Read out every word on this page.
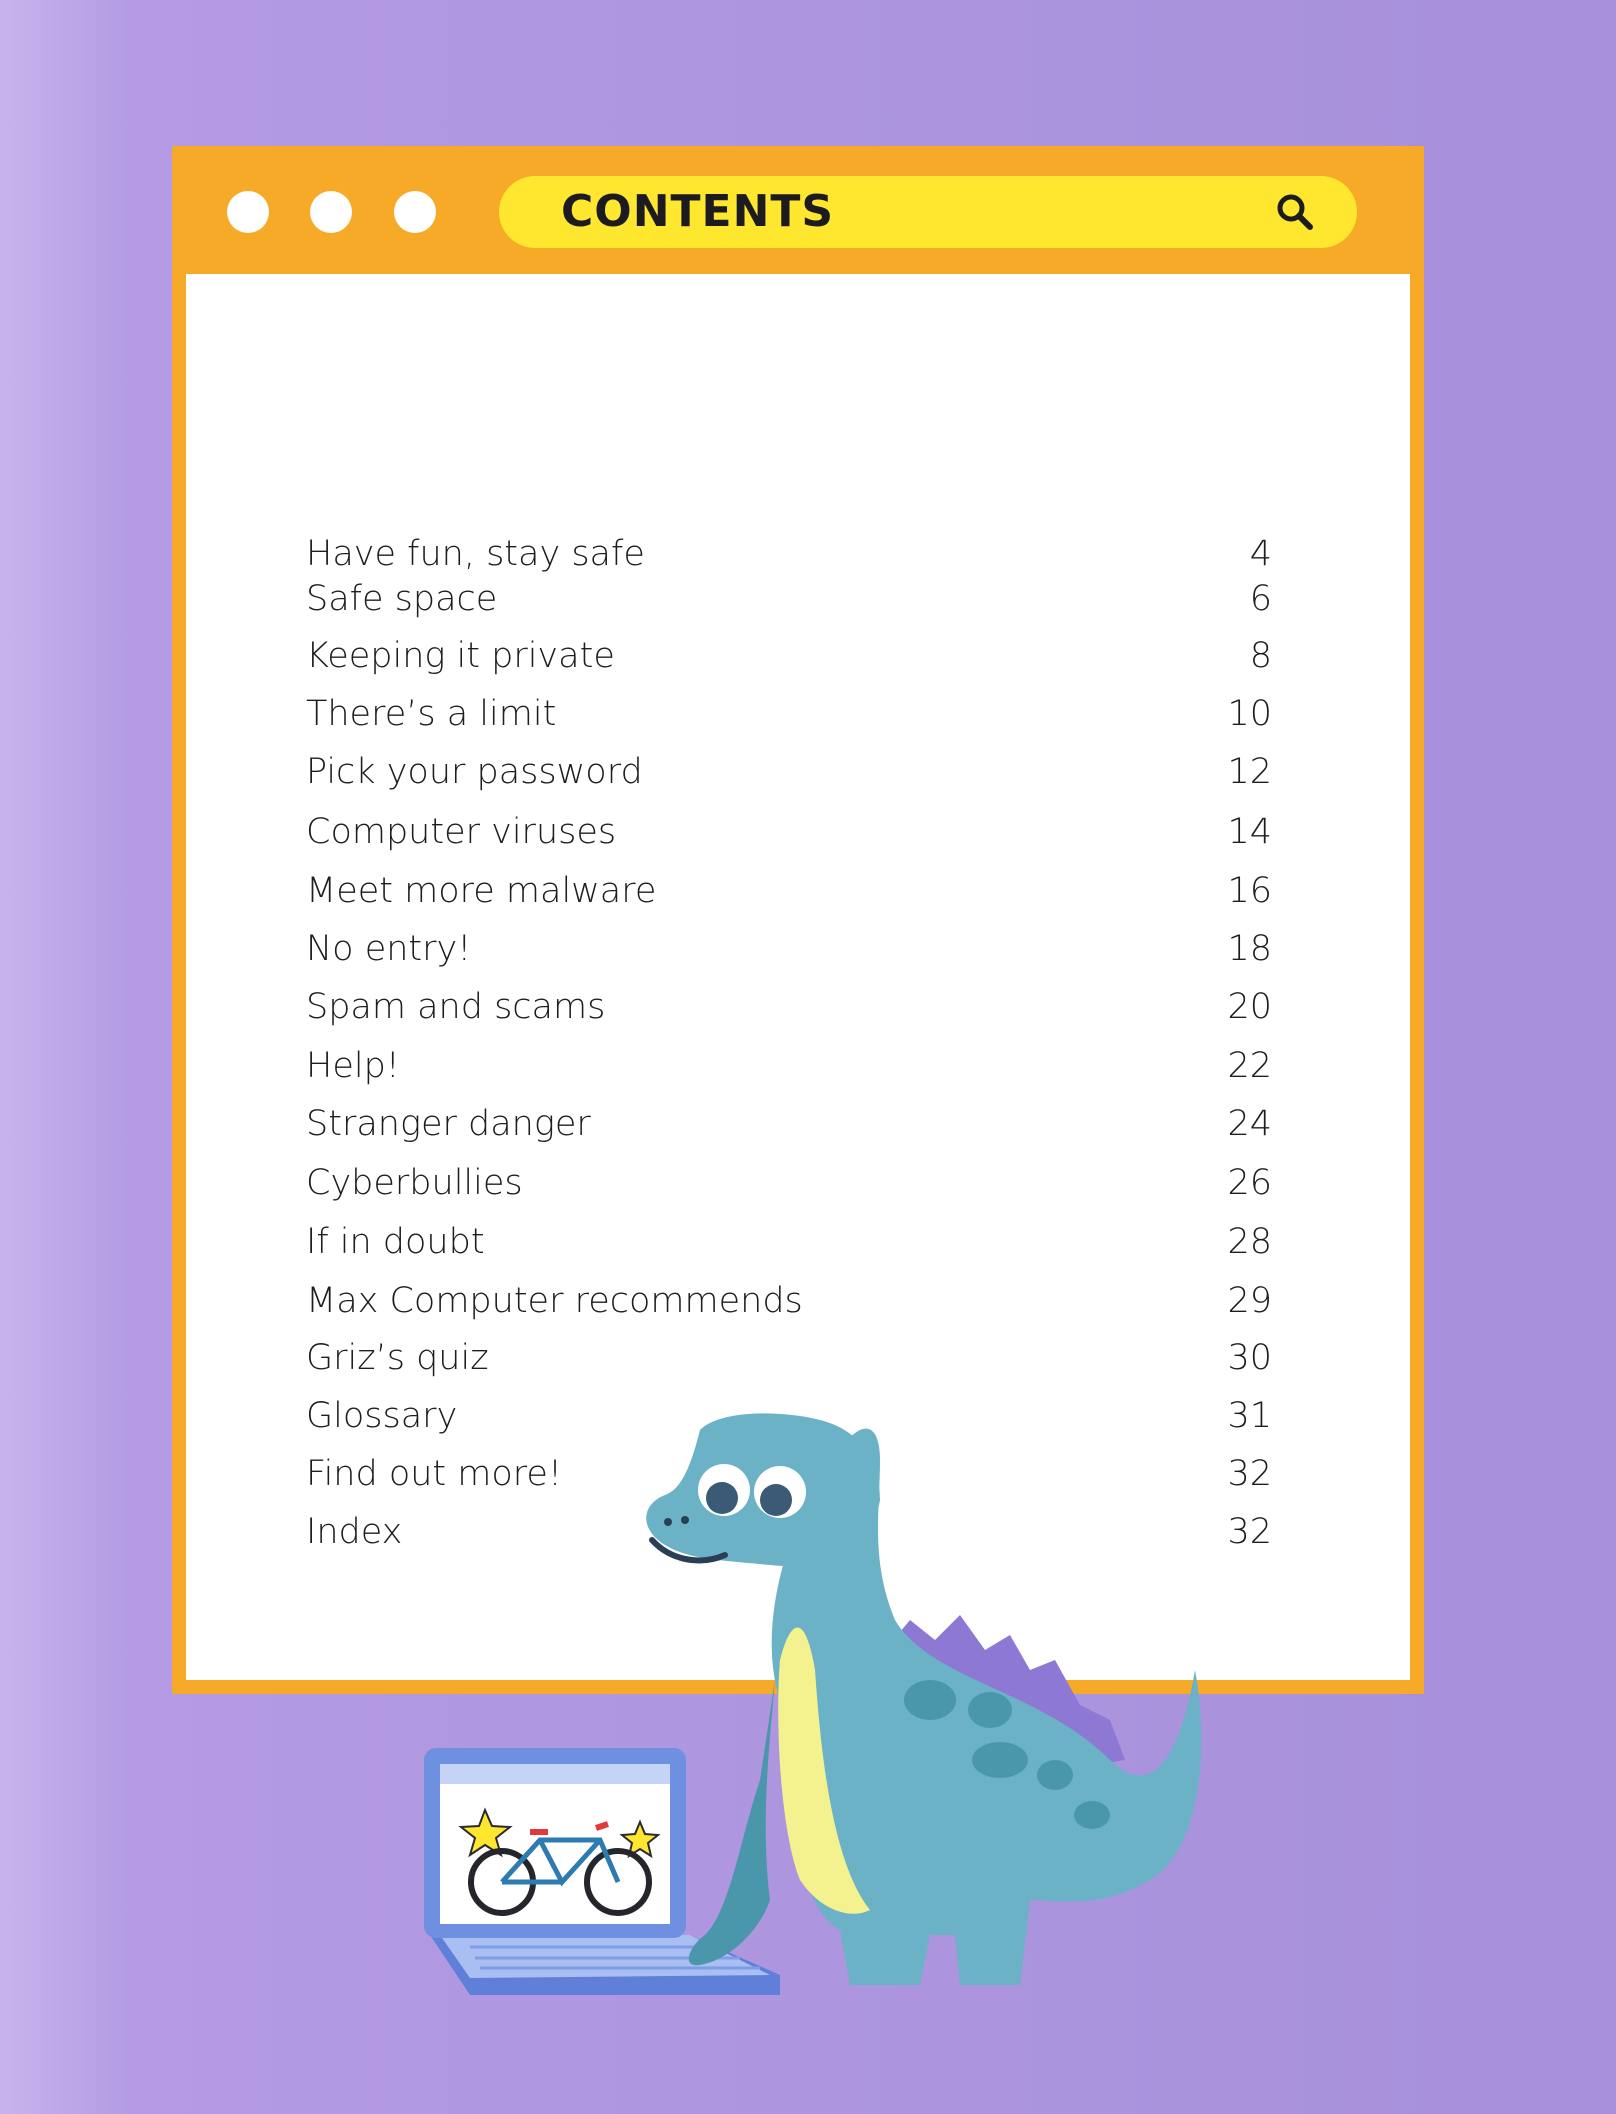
CONTENTS
Have fun, stay safe	4
Safe space	6
Keeping it private	8
There’s a limit	10
Pick your password	12
Computer viruses	14
Meet more malware	16
No entry!	18
Spam and scams	20
Help!	22
Stranger danger	24
Cyberbullies	26
If in doubt	28
Max Computer recommends	29
Griz’s quiz	30
Glossary	31
Find out more!	32
Index	32
